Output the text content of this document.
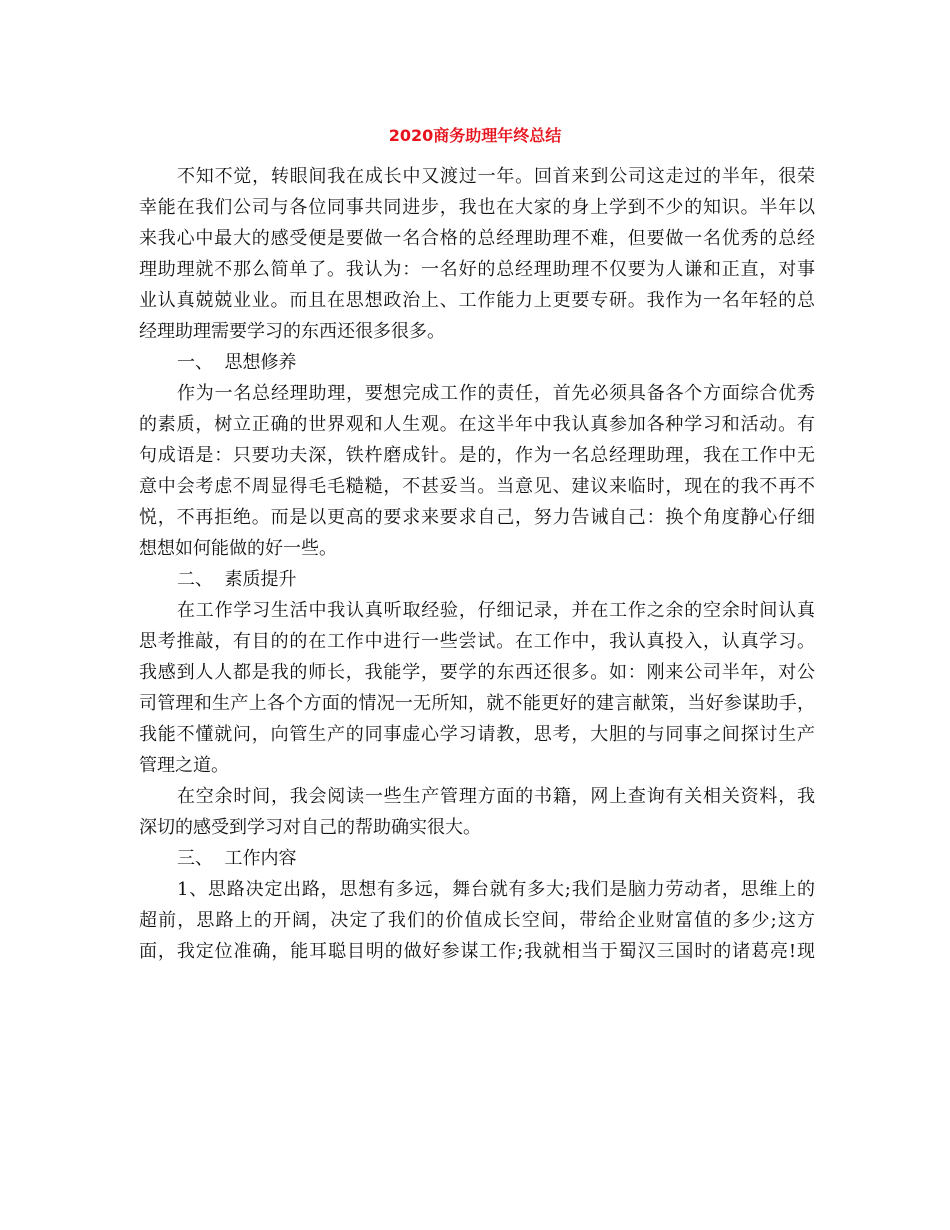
2020商务助理年终总结
不知不觉，转眼间我在成长中又渡过一年。回首来到公司这走过的半年，很荣
幸能在我们公司与各位同事共同进步，我也在大家的身上学到不少的知识。半年以
来我心中最大的感受便是要做一名合格的总经理助理不难，但要做一名优秀的总经
理助理就不那么简单了。我认为：一名好的总经理助理不仅要为人谦和正直，对事
业认真兢兢业业。而且在思想政治上、工作能力上更要专研。我作为一名年轻的总
经理助理需要学习的东西还很多很多。
一、  思想修养
作为一名总经理助理，要想完成工作的责任，首先必须具备各个方面综合优秀
的素质，树立正确的世界观和人生观。在这半年中我认真参加各种学习和活动。有
句成语是：只要功夫深，铁杵磨成针。是的，作为一名总经理助理，我在工作中无
意中会考虑不周显得毛毛糙糙，不甚妥当。当意见、建议来临时，现在的我不再不
悦，不再拒绝。而是以更高的要求来要求自己，努力告诫自己：换个角度静心仔细
想想如何能做的好一些。
二、  素质提升
在工作学习生活中我认真听取经验，仔细记录，并在工作之余的空余时间认真
思考推敲，有目的的在工作中进行一些尝试。在工作中，我认真投入，认真学习。
我感到人人都是我的师长，我能学，要学的东西还很多。如：刚来公司半年，对公
司管理和生产上各个方面的情况一无所知，就不能更好的建言献策，当好参谋助手，
我能不懂就问，向管生产的同事虚心学习请教，思考，大胆的与同事之间探讨生产
管理之道。
在空余时间，我会阅读一些生产管理方面的书籍，网上查询有关相关资料，我
深切的感受到学习对自己的帮助确实很大。
三、  工作内容
1、思路决定出路，思想有多远，舞台就有多大;我们是脑力劳动者，思维上的
超前，思路上的开阔，决定了我们的价值成长空间，带给企业财富值的多少;这方
面，我定位准确，能耳聪目明的做好参谋工作;我就相当于蜀汉三国时的诸葛亮!现
